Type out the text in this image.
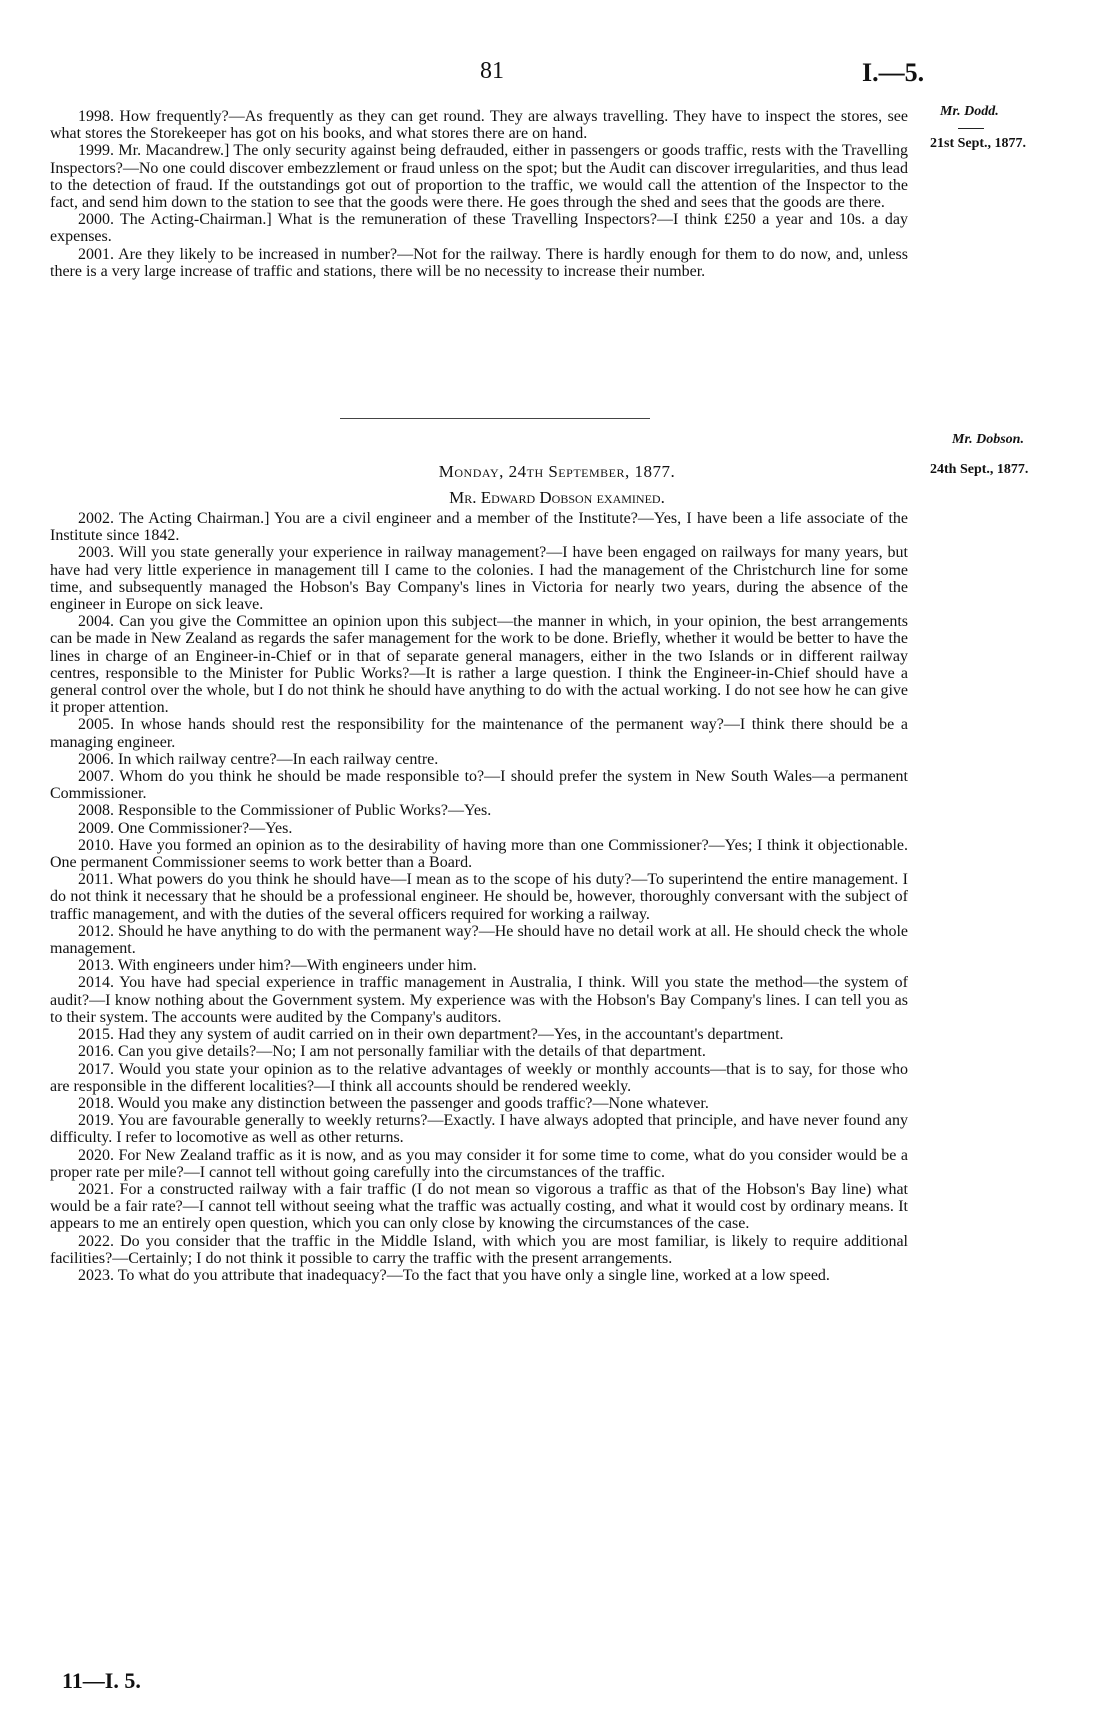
81	I.—5.
Mr. Dodd.
21st Sept., 1877.

1998. How frequently?—As frequently as they can get round. They are always travelling. They have to inspect the stores, see what stores the Storekeeper has got on his books, and what stores there are on hand.

1999. Mr. Macandrew.] The only security against being defrauded, either in passengers or goods traffic, rests with the Travelling Inspectors?—No one could discover embezzlement or fraud unless on the spot; but the Audit can discover irregularities, and thus lead to the detection of fraud. If the outstandings got out of proportion to the traffic, we would call the attention of the Inspector to the fact, and send him down to the station to see that the goods were there. He goes through the shed and sees that the goods are there.

2000. The Acting-Chairman.] What is the remuneration of these Travelling Inspectors?—I think £250 a year and 10s. a day expenses.

2001. Are they likely to be increased in number?—Not for the railway. There is hardly enough for them to do now, and, unless there is a very large increase of traffic and stations, there will be no necessity to increase their number.

Mr. Dobson.
24th Sept., 1877.
Monday, 24th September, 1877.
Mr. Edward Dobson examined.

2002. The Acting Chairman.] You are a civil engineer and a member of the Institute?—Yes, I have been a life associate of the Institute since 1842.

2003. Will you state generally your experience in railway management?—I have been engaged on railways for many years, but have had very little experience in management till I came to the colonies. I had the management of the Christchurch line for some time, and subsequently managed the Hobson's Bay Company's lines in Victoria for nearly two years, during the absence of the engineer in Europe on sick leave.

2004. Can you give the Committee an opinion upon this subject—the manner in which, in your opinion, the best arrangements can be made in New Zealand as regards the safer management for the work to be done. Briefly, whether it would be better to have the lines in charge of an Engineer-in-Chief or in that of separate general managers, either in the two Islands or in different railway centres, responsible to the Minister for Public Works?—It is rather a large question. I think the Engineer-in-Chief should have a general control over the whole, but I do not think he should have anything to do with the actual working. I do not see how he can give it proper attention.

2005. In whose hands should rest the responsibility for the maintenance of the permanent way?—I think there should be a managing engineer.

2006. In which railway centre?—In each railway centre.

2007. Whom do you think he should be made responsible to?—I should prefer the system in New South Wales—a permanent Commissioner.

2008. Responsible to the Commissioner of Public Works?—Yes.

2009. One Commissioner?—Yes.

2010. Have you formed an opinion as to the desirability of having more than one Commissioner?—Yes; I think it objectionable. One permanent Commissioner seems to work better than a Board.

2011. What powers do you think he should have—I mean as to the scope of his duty?—To superintend the entire management. I do not think it necessary that he should be a professional engineer. He should be, however, thoroughly conversant with the subject of traffic management, and with the duties of the several officers required for working a railway.

2012. Should he have anything to do with the permanent way?—He should have no detail work at all. He should check the whole management.

2013. With engineers under him?—With engineers under him.

2014. You have had special experience in traffic management in Australia, I think. Will you state the method—the system of audit?—I know nothing about the Government system. My experience was with the Hobson's Bay Company's lines. I can tell you as to their system. The accounts were audited by the Company's auditors.

2015. Had they any system of audit carried on in their own department?—Yes, in the accountant's department.

2016. Can you give details?—No; I am not personally familiar with the details of that department.

2017. Would you state your opinion as to the relative advantages of weekly or monthly accounts—that is to say, for those who are responsible in the different localities?—I think all accounts should be rendered weekly.

2018. Would you make any distinction between the passenger and goods traffic?—None whatever.

2019. You are favourable generally to weekly returns?—Exactly. I have always adopted that principle, and have never found any difficulty. I refer to locomotive as well as other returns.

2020. For New Zealand traffic as it is now, and as you may consider it for some time to come, what do you consider would be a proper rate per mile?—I cannot tell without going carefully into the circumstances of the traffic.

2021. For a constructed railway with a fair traffic (I do not mean so vigorous a traffic as that of the Hobson's Bay line) what would be a fair rate?—I cannot tell without seeing what the traffic was actually costing, and what it would cost by ordinary means. It appears to me an entirely open question, which you can only close by knowing the circumstances of the case.

2022. Do you consider that the traffic in the Middle Island, with which you are most familiar, is likely to require additional facilities?—Certainly; I do not think it possible to carry the traffic with the present arrangements.

2023. To what do you attribute that inadequacy?—To the fact that you have only a single line, worked at a low speed.

11—I. 5.
